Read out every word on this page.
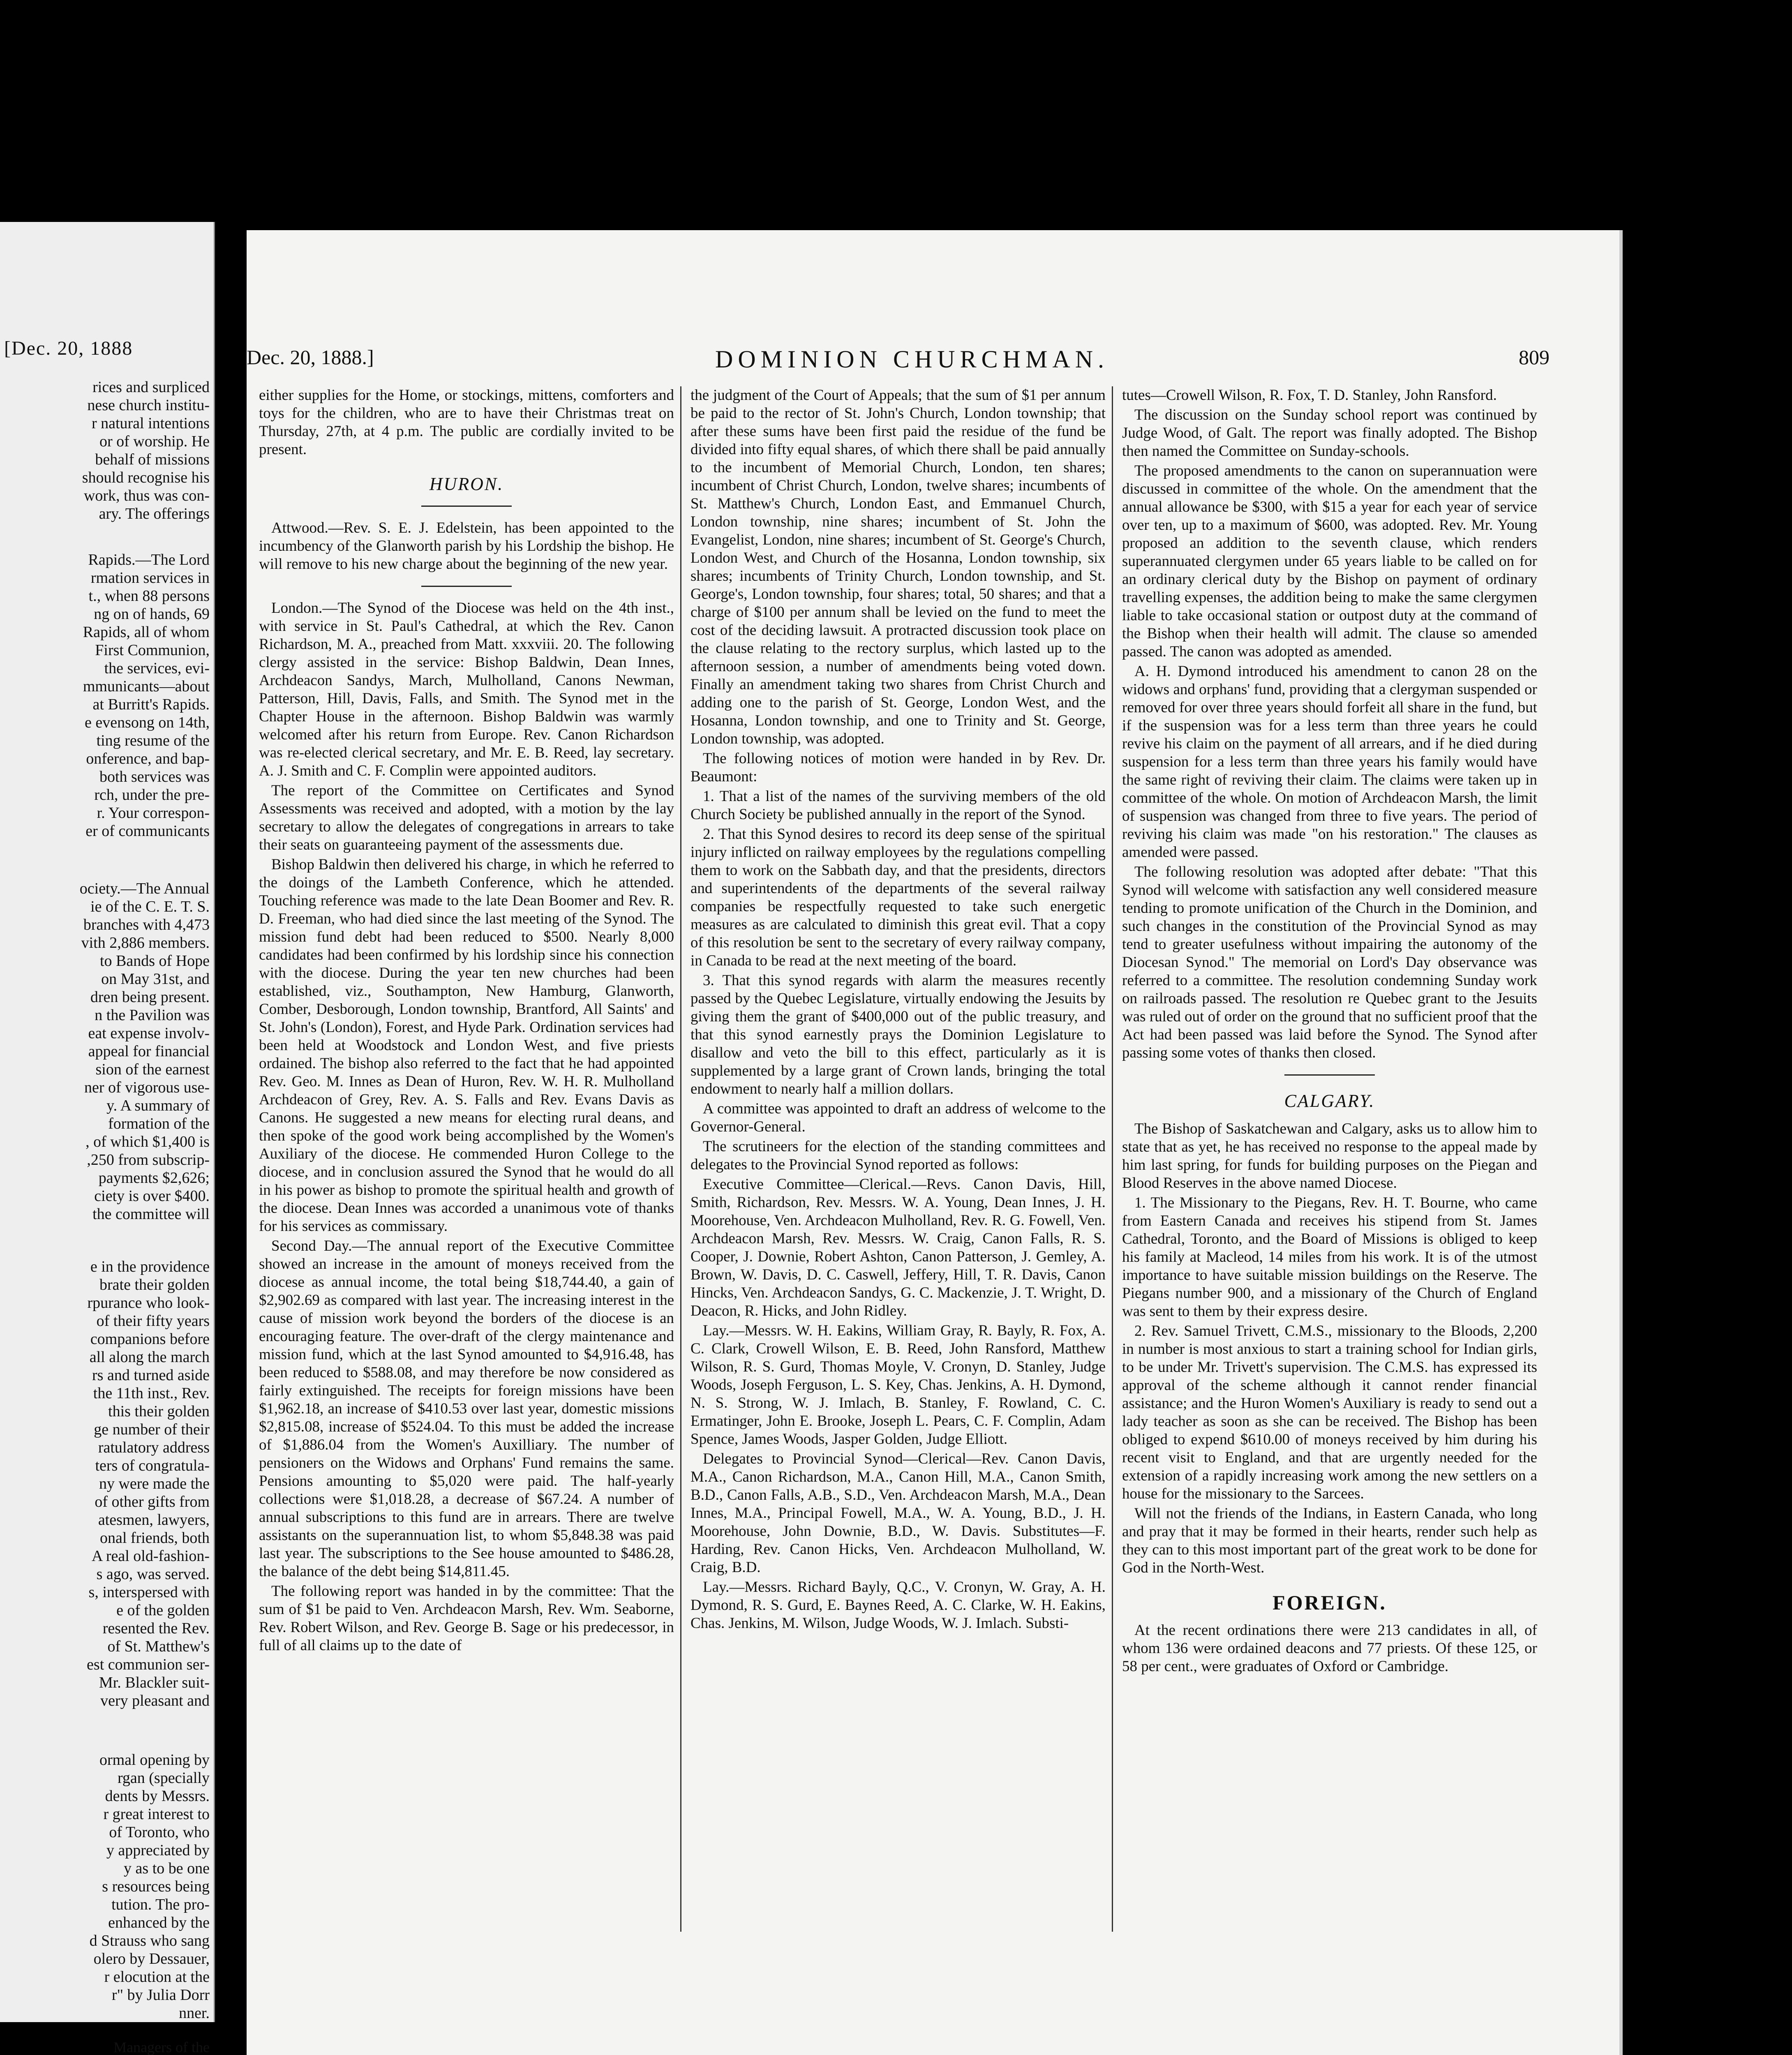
[Dec. 20, 1888
rices and surpliced
nese church institu-
r natural intentions
or of worship. He
behalf of missions
should recognise his
work, thus was con-
ary. The offerings
Rapids.—The Lord
rmation services in
t., when 88 persons
ng on of hands, 69
Rapids, all of whom
First Communion,
the services, evi-
mmunicants—about
at Burritt's Rapids.
e evensong on 14th,
ting resume of the
onference, and bap-
both services was
rch, under the pre-
r. Your correspon-
er of communicants
ociety.—The Annual
ie of the C. E. T. S.
branches with 4,473
vith 2,886 members.
to Bands of Hope
on May 31st, and
dren being present.
n the Pavilion was
eat expense involv-
appeal for financial
sion of the earnest
ner of vigorous use-
y. A summary of
formation of the
, of which $1,400 is
,250 from subscrip-
payments $2,626;
ciety is over $400.
the committee will
e in the providence
brate their golden
rpurance who look-
of their fifty years
companions before
all along the march
rs and turned aside
the 11th inst., Rev.
this their golden
ge number of their
ratulatory address
ters of congratula-
ny were made the
of other gifts from
atesmen, lawyers,
onal friends, both
A real old-fashion-
s ago, was served.
s, interspersed with
e of the golden
resented the Rev.
of St. Matthew's
est communion ser-
Mr. Blackler suit-
very pleasant and
ormal opening by
rgan (specially
dents by Messrs.
r great interest to
of Toronto, who
y appreciated by
y as to be one
s resources being
tution. The pro-
enhanced by the
d Strauss who sang
olero by Dessauer,
r elocution at the
r" by Julia Dorr
nner.
Managers of the

Dec. 20, 1888.]	DOMINION CHURCHMAN.	809

either supplies for the Home, or stockings, mittens, comforters and toys for the children, who are to have their Christmas treat on Thursday, 27th, at 4 p.m. The public are cordially invited to be present.

HURON.

Attwood.—Rev. S. E. J. Edelstein, has been appointed to the incumbency of the Glanworth parish by his Lordship the bishop. He will remove to his new charge about the beginning of the new year.

London.—The Synod of the Diocese was held on the 4th inst., with service in St. Paul's Cathedral, at which the Rev. Canon Richardson, M. A., preached from Matt. xxxviii. 20. The following clergy assisted in the service: Bishop Baldwin, Dean Innes, Archdeacon Sandys, March, Mulholland, Canons Newman, Patterson, Hill, Davis, Falls, and Smith. The Synod met in the Chapter House in the afternoon. Bishop Baldwin was warmly welcomed after his return from Europe. Rev. Canon Richardson was re-elected clerical secretary, and Mr. E. B. Reed, lay secretary. A. J. Smith and C. F. Complin were appointed auditors.

The report of the Committee on Certificates and Synod Assessments was received and adopted, with a motion by the lay secretary to allow the delegates of congregations in arrears to take their seats on guaranteeing payment of the assessments due.

Bishop Baldwin then delivered his charge, in which he referred to the doings of the Lambeth Conference, which he attended. Touching reference was made to the late Dean Boomer and Rev. R. D. Freeman, who had died since the last meeting of the Synod. The mission fund debt had been reduced to $500. Nearly 8,000 candidates had been confirmed by his lordship since his connection with the diocese. During the year ten new churches had been established, viz., Southampton, New Hamburg, Glanworth, Comber, Desborough, London township, Brantford, All Saints' and St. John's (London), Forest, and Hyde Park. Ordination services had been held at Woodstock and London West, and five priests ordained. The bishop also referred to the fact that he had appointed Rev. Geo. M. Innes as Dean of Huron, Rev. W. H. R. Mulholland Archdeacon of Grey, Rev. A. S. Falls and Rev. Evans Davis as Canons. He suggested a new means for electing rural deans, and then spoke of the good work being accomplished by the Women's Auxiliary of the diocese. He commended Huron College to the diocese, and in conclusion assured the Synod that he would do all in his power as bishop to promote the spiritual health and growth of the diocese. Dean Innes was accorded a unanimous vote of thanks for his services as commissary.

Second Day.—The annual report of the Executive Committee showed an increase in the amount of moneys received from the diocese as annual income, the total being $18,744.40, a gain of $2,902.69 as compared with last year. The increasing interest in the cause of mission work beyond the borders of the diocese is an encouraging feature. The over-draft of the clergy maintenance and mission fund, which at the last Synod amounted to $4,916.48, has been reduced to $588.08, and may therefore be now considered as fairly extinguished. The receipts for foreign missions have been $1,962.18, an increase of $410.53 over last year, domestic missions $2,815.08, increase of $524.04. To this must be added the increase of $1,886.04 from the Women's Auxilliary. The number of pensioners on the Widows and Orphans' Fund remains the same. Pensions amounting to $5,020 were paid. The half-yearly collections were $1,018.28, a decrease of $67.24. A number of annual subscriptions to this fund are in arrears. There are twelve assistants on the superannuation list, to whom $5,848.38 was paid last year. The subscriptions to the See house amounted to $486.28, the balance of the debt being $14,811.45.

The following report was handed in by the committee: That the sum of $1 be paid to Ven. Archdeacon Marsh, Rev. Wm. Seaborne, Rev. Robert Wilson, and Rev. George B. Sage or his predecessor, in full of all claims up to the date of

the judgment of the Court of Appeals; that the sum of $1 per annum be paid to the rector of St. John's Church, London township; that after these sums have been first paid the residue of the fund be divided into fifty equal shares, of which there shall be paid annually to the incumbent of Memorial Church, London, ten shares; incumbent of Christ Church, London, twelve shares; incumbents of St. Matthew's Church, London East, and Emmanuel Church, London township, nine shares; incumbent of St. John the Evangelist, London, nine shares; incumbent of St. George's Church, London West, and Church of the Hosanna, London township, six shares; incumbents of Trinity Church, London township, and St. George's, London township, four shares; total, 50 shares; and that a charge of $100 per annum shall be levied on the fund to meet the cost of the deciding lawsuit. A protracted discussion took place on the clause relating to the rectory surplus, which lasted up to the afternoon session, a number of amendments being voted down. Finally an amendment taking two shares from Christ Church and adding one to the parish of St. George, London West, and the Hosanna, London township, and one to Trinity and St. George, London township, was adopted.

The following notices of motion were handed in by Rev. Dr. Beaumont:

1. That a list of the names of the surviving members of the old Church Society be published annually in the report of the Synod.

2. That this Synod desires to record its deep sense of the spiritual injury inflicted on railway employees by the regulations compelling them to work on the Sabbath day, and that the presidents, directors and superintendents of the departments of the several railway companies be respectfully requested to take such energetic measures as are calculated to diminish this great evil. That a copy of this resolution be sent to the secretary of every railway company, in Canada to be read at the next meeting of the board.

3. That this synod regards with alarm the measures recently passed by the Quebec Legislature, virtually endowing the Jesuits by giving them the grant of $400,000 out of the public treasury, and that this synod earnestly prays the Dominion Legislature to disallow and veto the bill to this effect, particularly as it is supplemented by a large grant of Crown lands, bringing the total endowment to nearly half a million dollars.

A committee was appointed to draft an address of welcome to the Governor-General.

The scrutineers for the election of the standing committees and delegates to the Provincial Synod reported as follows:

Executive Committee—Clerical.—Revs. Canon Davis, Hill, Smith, Richardson, Rev. Messrs. W. A. Young, Dean Innes, J. H. Moorehouse, Ven. Archdeacon Mulholland, Rev. R. G. Fowell, Ven. Archdeacon Marsh, Rev. Messrs. W. Craig, Canon Falls, R. S. Cooper, J. Downie, Robert Ashton, Canon Patterson, J. Gemley, A. Brown, W. Davis, D. C. Caswell, Jeffery, Hill, T. R. Davis, Canon Hincks, Ven. Archdeacon Sandys, G. C. Mackenzie, J. T. Wright, D. Deacon, R. Hicks, and John Ridley.

Lay.—Messrs. W. H. Eakins, William Gray, R. Bayly, R. Fox, A. C. Clark, Crowell Wilson, E. B. Reed, John Ransford, Matthew Wilson, R. S. Gurd, Thomas Moyle, V. Cronyn, D. Stanley, Judge Woods, Joseph Ferguson, L. S. Key, Chas. Jenkins, A. H. Dymond, N. S. Strong, W. J. Imlach, B. Stanley, F. Rowland, C. C. Ermatinger, John E. Brooke, Joseph L. Pears, C. F. Complin, Adam Spence, James Woods, Jasper Golden, Judge Elliott.

Delegates to Provincial Synod—Clerical—Rev. Canon Davis, M.A., Canon Richardson, M.A., Canon Hill, M.A., Canon Smith, B.D., Canon Falls, A.B., S.D., Ven. Archdeacon Marsh, M.A., Dean Innes, M.A., Principal Fowell, M.A., W. A. Young, B.D., J. H. Moorehouse, John Downie, B.D., W. Davis. Substitutes—F. Harding, Rev. Canon Hicks, Ven. Archdeacon Mulholland, W. Craig, B.D.

Lay.—Messrs. Richard Bayly, Q.C., V. Cronyn, W. Gray, A. H. Dymond, R. S. Gurd, E. Baynes Reed, A. C. Clarke, W. H. Eakins, Chas. Jenkins, M. Wilson, Judge Woods, W. J. Imlach. Substi-

tutes—Crowell Wilson, R. Fox, T. D. Stanley, John Ransford.

The discussion on the Sunday school report was continued by Judge Wood, of Galt. The report was finally adopted. The Bishop then named the Committee on Sunday-schools.

The proposed amendments to the canon on superannuation were discussed in committee of the whole. On the amendment that the annual allowance be $300, with $15 a year for each year of service over ten, up to a maximum of $600, was adopted. Rev. Mr. Young proposed an addition to the seventh clause, which renders superannuated clergymen under 65 years liable to be called on for an ordinary clerical duty by the Bishop on payment of ordinary travelling expenses, the addition being to make the same clergymen liable to take occasional station or outpost duty at the command of the Bishop when their health will admit. The clause so amended passed. The canon was adopted as amended.

A. H. Dymond introduced his amendment to canon 28 on the widows and orphans' fund, providing that a clergyman suspended or removed for over three years should forfeit all share in the fund, but if the suspension was for a less term than three years he could revive his claim on the payment of all arrears, and if he died during suspension for a less term than three years his family would have the same right of reviving their claim. The claims were taken up in committee of the whole. On motion of Archdeacon Marsh, the limit of suspension was changed from three to five years. The period of reviving his claim was made "on his restoration." The clauses as amended were passed.

The following resolution was adopted after debate: "That this Synod will welcome with satisfaction any well considered measure tending to promote unification of the Church in the Dominion, and such changes in the constitution of the Provincial Synod as may tend to greater usefulness without impairing the autonomy of the Diocesan Synod." The memorial on Lord's Day observance was referred to a committee. The resolution condemning Sunday work on railroads passed. The resolution re Quebec grant to the Jesuits was ruled out of order on the ground that no sufficient proof that the Act had been passed was laid before the Synod. The Synod after passing some votes of thanks then closed.

CALGARY.

The Bishop of Saskatchewan and Calgary, asks us to allow him to state that as yet, he has received no response to the appeal made by him last spring, for funds for building purposes on the Piegan and Blood Reserves in the above named Diocese.

1. The Missionary to the Piegans, Rev. H. T. Bourne, who came from Eastern Canada and receives his stipend from St. James Cathedral, Toronto, and the Board of Missions is obliged to keep his family at Macleod, 14 miles from his work. It is of the utmost importance to have suitable mission buildings on the Reserve. The Piegans number 900, and a missionary of the Church of England was sent to them by their express desire.

2. Rev. Samuel Trivett, C.M.S., missionary to the Bloods, 2,200 in number is most anxious to start a training school for Indian girls, to be under Mr. Trivett's supervision. The C.M.S. has expressed its approval of the scheme although it cannot render financial assistance; and the Huron Women's Auxiliary is ready to send out a lady teacher as soon as she can be received. The Bishop has been obliged to expend $610.00 of moneys received by him during his recent visit to England, and that are urgently needed for the extension of a rapidly increasing work among the new settlers on a house for the missionary to the Sarcees.

Will not the friends of the Indians, in Eastern Canada, who long and pray that it may be formed in their hearts, render such help as they can to this most important part of the great work to be done for God in the North-West.

FOREIGN.

At the recent ordinations there were 213 candidates in all, of whom 136 were ordained deacons and 77 priests. Of these 125, or 58 per cent., were graduates of Oxford or Cambridge.
